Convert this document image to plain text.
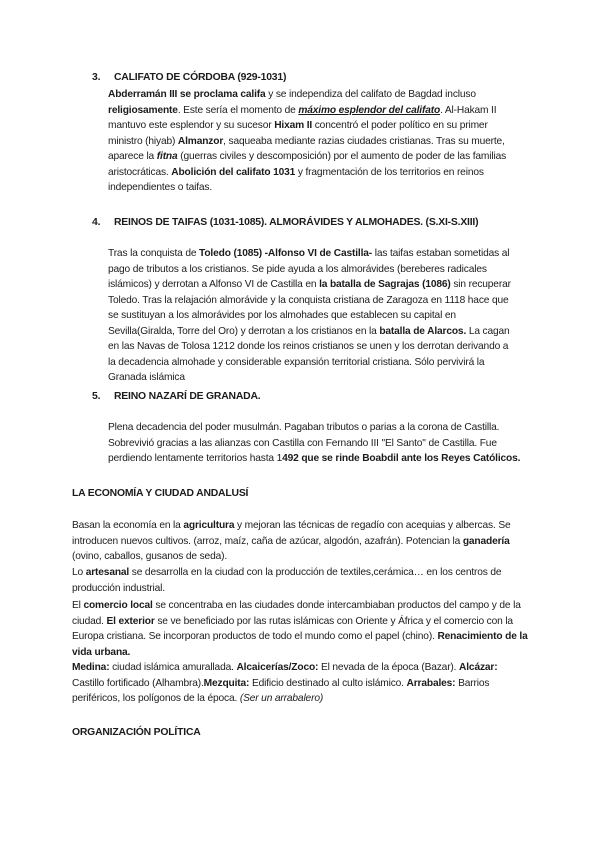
3. CALIFATO DE CÓRDOBA (929-1031)
Abderramán III se proclama califa y se independiza del califato de Bagdad incluso religiosamente. Este sería el momento de máximo esplendor del califato. Al-Hakam II mantuvo este esplendor y su sucesor Hixam II concentró el poder político en su primer ministro (hiyab) Almanzor, saqueaba mediante razias ciudades cristianas. Tras su muerte, aparece la fitna (guerras civiles y descomposición) por el aumento de poder de las familias aristocráticas. Abolición del califato 1031 y fragmentación de los territorios en reinos independientes o taifas.
4. REINOS DE TAIFAS (1031-1085). ALMORÁVIDES Y ALMOHADES. (S.XI-S.XIII)
Tras la conquista de Toledo (1085) -Alfonso VI de Castilla- las taifas estaban sometidas al pago de tributos a los cristianos. Se pide ayuda a los almorávides (bereberes radicales islámicos) y derrotan a Alfonso VI de Castilla en la batalla de Sagrajas (1086) sin recuperar Toledo. Tras la relajación almorávide y la conquista cristiana de Zaragoza en 1118 hace que se sustituyan a los almorávides por los almohades que establecen su capital en Sevilla(Giralda, Torre del Oro) y derrotan a los cristianos en la batalla de Alarcos. La cagan en las Navas de Tolosa 1212 donde los reinos cristianos se unen y los derrotan derivando a la decadencia almohade y considerable expansión territorial cristiana. Sólo pervivirá la Granada islámica
5. REINO NAZARÍ DE GRANADA.
Plena decadencia del poder musulmán. Pagaban tributos o parias a la corona de Castilla. Sobrevivió gracias a las alianzas con Castilla con Fernando III "El Santo" de Castilla. Fue perdiendo lentamente territorios hasta 1492 que se rinde Boabdil ante los Reyes Católicos.
LA ECONOMÍA Y CIUDAD ANDALUSÍ
Basan la economía en la agricultura y mejoran las técnicas de regadío con acequias y albercas. Se introducen nuevos cultivos. (arroz, maíz, caña de azúcar, algodón, azafrán). Potencian la ganadería (ovino, caballos, gusanos de seda).
Lo artesanal se desarrolla en la ciudad con la producción de textiles,cerámica… en los centros de producción industrial.
El comercio local se concentraba en las ciudades donde intercambiaban productos del campo y de la ciudad. El exterior se ve beneficiado por las rutas islámicas con Oriente y África y el comercio con la Europa cristiana. Se incorporan productos de todo el mundo como el papel (chino). Renacimiento de la vida urbana.
Medina: ciudad islámica amurallada. Alcaicerías/Zoco: El nevada de la época (Bazar). Alcázar: Castillo fortificado (Alhambra).Mezquita: Edificio destinado al culto islámico. Arrabales: Barrios periféricos, los polígonos de la época. (Ser un arrabalero)
ORGANIZACIÓN POLÍTICA
